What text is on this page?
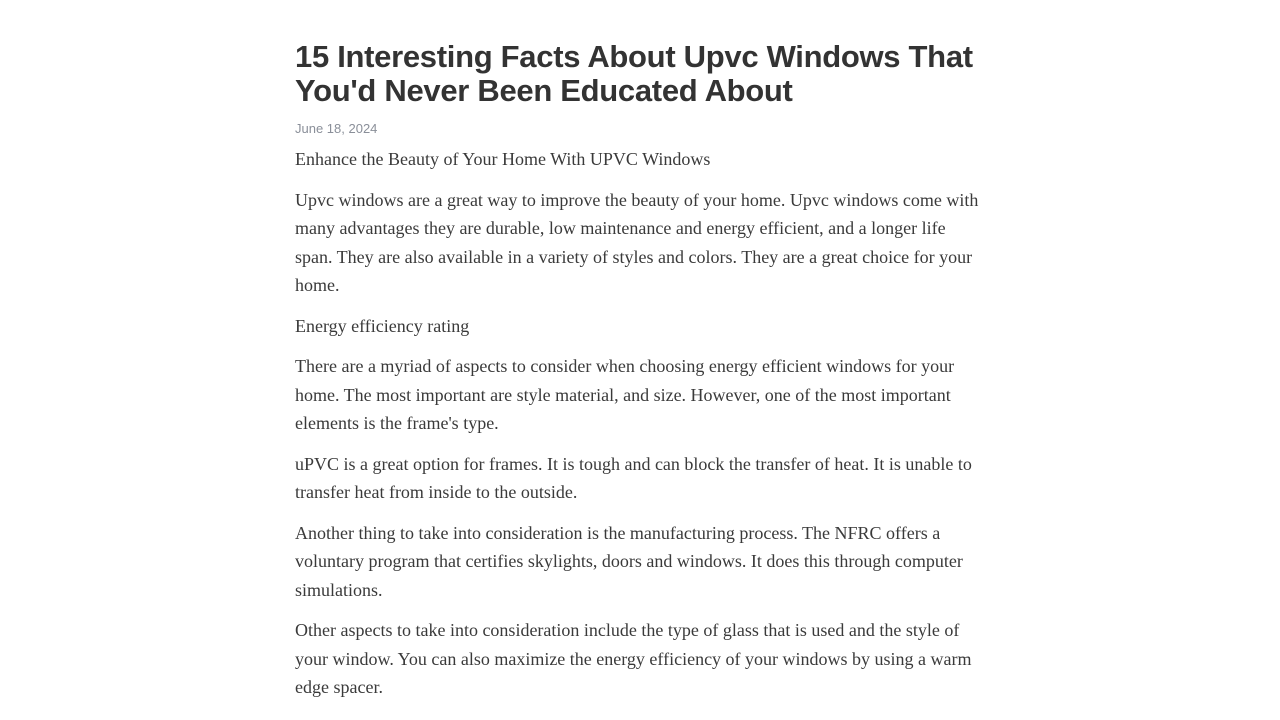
15 Interesting Facts About Upvc Windows That You'd Never Been Educated About
June 18, 2024

Enhance the Beauty of Your Home With UPVC Windows

Upvc windows are a great way to improve the beauty of your home. Upvc windows come with many advantages they are durable, low maintenance and energy efficient, and a longer life span. They are also available in a variety of styles and colors. They are a great choice for your home.

Energy efficiency rating

There are a myriad of aspects to consider when choosing energy efficient windows for your home. The most important are style material, and size. However, one of the most important elements is the frame's type.

uPVC is a great option for frames. It is tough and can block the transfer of heat. It is unable to transfer heat from inside to the outside.

Another thing to take into consideration is the manufacturing process. The NFRC offers a voluntary program that certifies skylights, doors and windows. It does this through computer simulations.

Other aspects to take into consideration include the type of glass that is used and the style of your window. You can also maximize the energy efficiency of your windows by using a warm edge spacer.
